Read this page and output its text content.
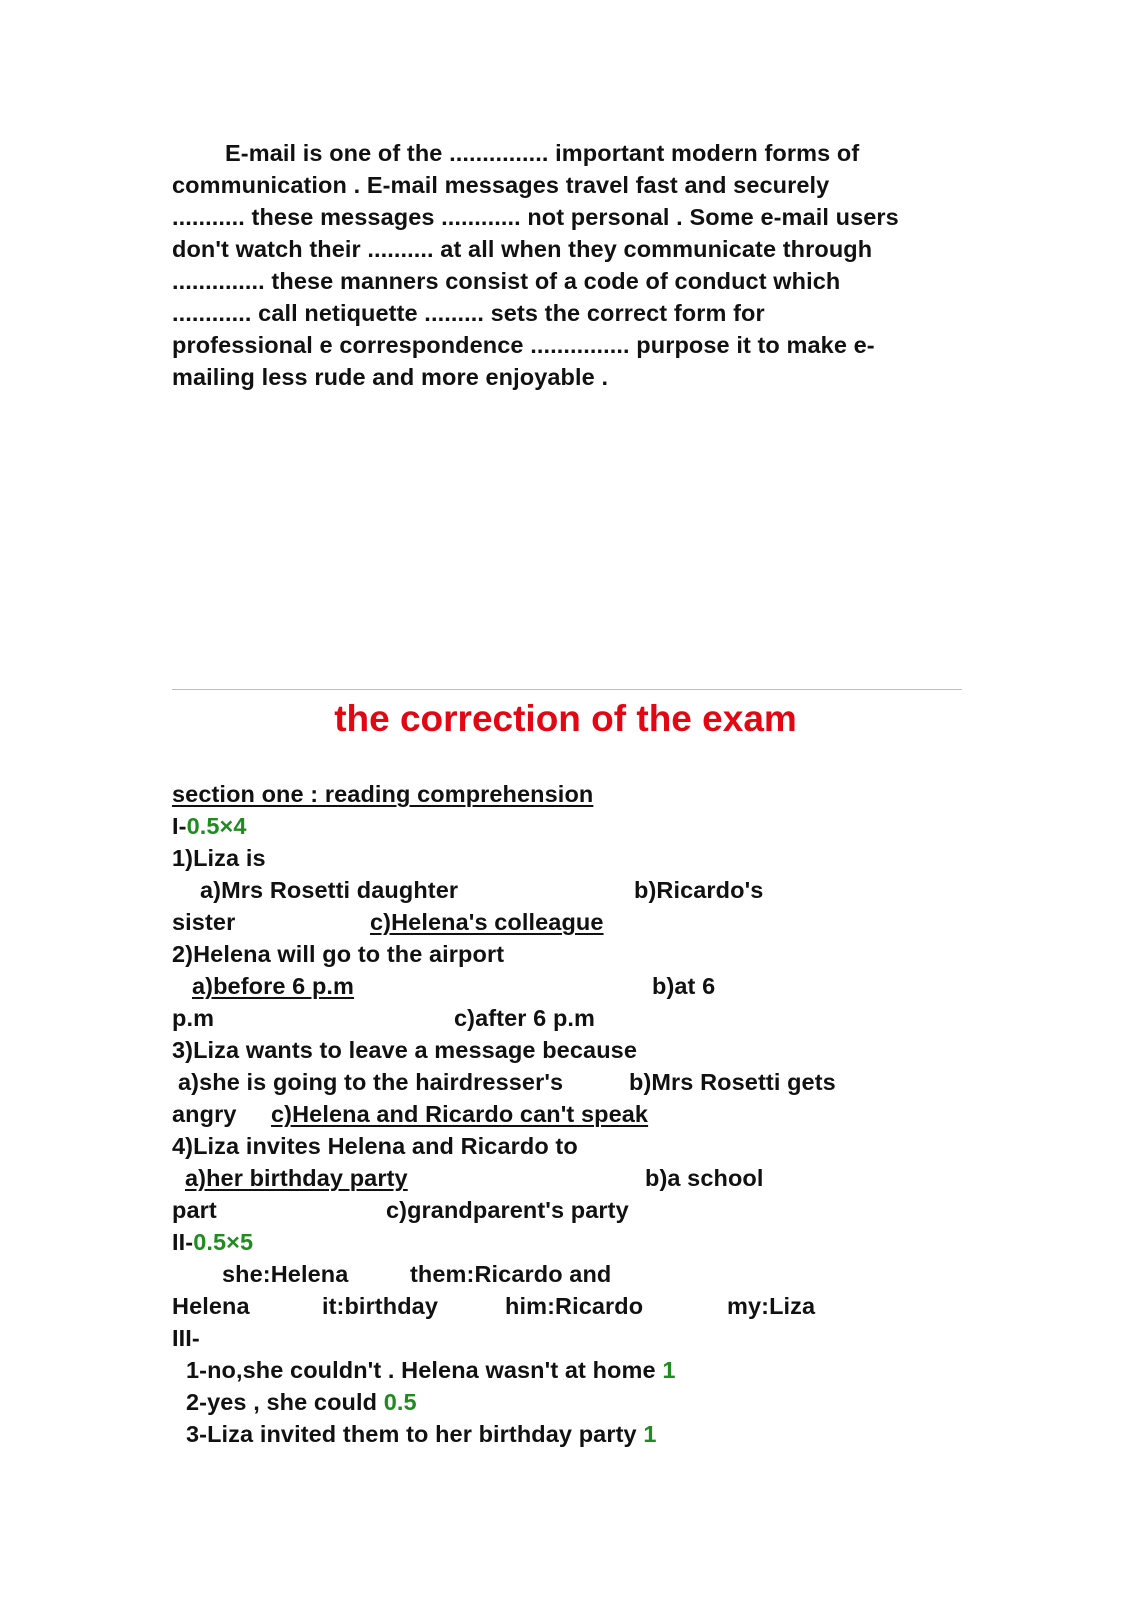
E-mail is one of the ............... important modern forms of
communication . E-mail messages travel fast and securely
........... these messages ............ not personal . Some e-mail users
don't watch their .......... at all when they communicate through
.............. these manners consist of a code of conduct which
............ call netiquette ......... sets the correct form for
professional e correspondence ............... purpose it to make e-
mailing less rude and more enjoyable .
the correction of the exam
section one : reading comprehension
I-0.5×4
1)Liza is
a)Mrs Rosetti daughter	b)Ricardo's
sister	c)Helena's colleague
2)Helena will go to the airport
a)before 6 p.m	b)at 6
p.m	c)after 6 p.m
3)Liza wants to leave a message because
a)she is going to the hairdresser's	b)Mrs Rosetti gets
angry c)Helena and Ricardo can't speak
4)Liza invites Helena and Ricardo to
a)her birthday party	b)a school
part	c)grandparent's party
II-0.5×5
she:Helena	them:Ricardo and
Helena	it:birthday	him:Ricardo	my:Liza
III-
1-no,she couldn't . Helena wasn't at home 1
2-yes , she could 0.5
3-Liza invited them to her birthday party 1
